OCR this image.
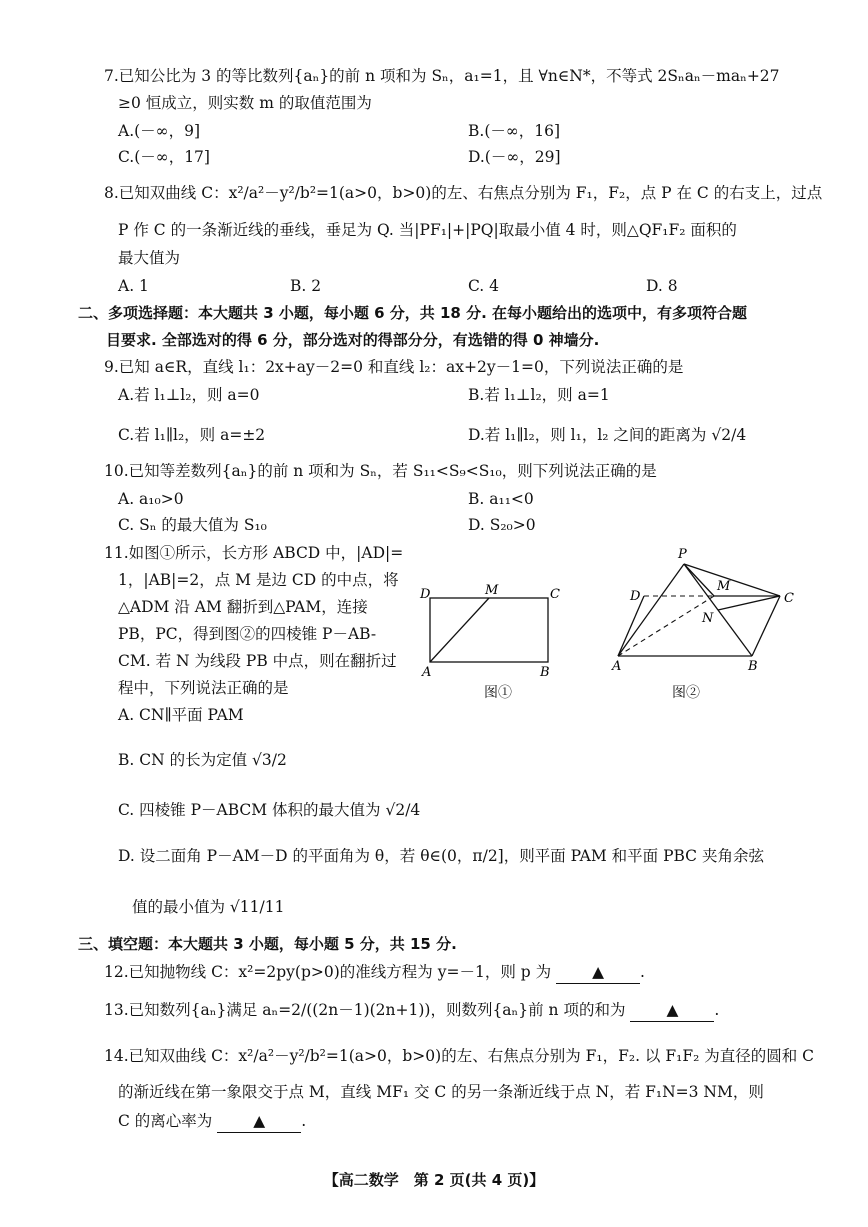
7.已知公比为 3 的等比数列{aₙ}的前 n 项和为 Sₙ，a₁=1，且 ∀n∈N*，不等式 2Sₙaₙ－maₙ+27
≥0 恒成立，则实数 m 的取值范围为
A.(－∞，9]	B.(－∞，16]
C.(－∞，17]	D.(－∞，29]
8.已知双曲线 C：x²/a²－y²/b²=1(a>0，b>0)的左、右焦点分别为 F₁，F₂，点 P 在 C 的右支上，过点
P 作 C 的一条渐近线的垂线，垂足为 Q. 当|PF₁|+|PQ|取最小值 4 时，则△QF₁F₂ 面积的
最大值为
A. 1	B. 2	C. 4	D. 8
二、多项选择题：本大题共 3 小题，每小题 6 分，共 18 分. 在每小题给出的选项中，有多项符合题
目要求. 全部选对的得 6 分，部分选对的得部分分，有选错的得 0 神墙分.
9.已知 a∈R，直线 l₁：2x+ay－2=0 和直线 l₂：ax+2y－1=0，下列说法正确的是
A.若 l₁⊥l₂，则 a=0	B.若 l₁⊥l₂，则 a=1
C.若 l₁∥l₂，则 a=±2	D.若 l₁∥l₂，则 l₁，l₂ 之间的距离为 √2/4
10.已知等差数列{aₙ}的前 n 项和为 Sₙ，若 S₁₁<S₉<S₁₀，则下列说法正确的是
A. a₁₀>0	B. a₁₁<0
C. Sₙ 的最大值为 S₁₀	D. S₂₀>0
11.如图①所示，长方形 ABCD 中，|AD|=
1，|AB|=2，点 M 是边 CD 的中点，将
△ADM 沿 AM 翻折到△PAM，连接
PB，PC，得到图②的四棱锥 P－AB-
CM. 若 N 为线段 PB 中点，则在翻折过
程中，下列说法正确的是
A. CN∥平面 PAM
B. CN 的长为定值 √3/2
C. 四棱锥 P－ABCM 体积的最大值为 √2/4
D. 设二面角 P－AM－D 的平面角为 θ，若 θ∈(0，π/2]，则平面 PAM 和平面 PBC 夹角余弦
值的最小值为 √11/11
D	M	C
A	B
图①
P
D
M
N
C
A	B
图②
三、填空题：本大题共 3 小题，每小题 5 分，共 15 分.
12.已知抛物线 C：x²=2py(p>0)的准线方程为 y=－1，则 p 为	▲ .
13.已知数列{aₙ}满足 aₙ=2/((2n－1)(2n+1))，则数列{aₙ}前 n 项的和为	▲ .
14.已知双曲线 C：x²/a²－y²/b²=1(a>0，b>0)的左、右焦点分别为 F₁，F₂. 以 F₁F₂ 为直径的圆和 C
的渐近线在第一象限交于点 M，直线 MF₁ 交 C 的另一条渐近线于点 N，若 F₁N=3 NM，则
C 的离心率为	▲ .
【高二数学　第 2 页(共 4 页)】
